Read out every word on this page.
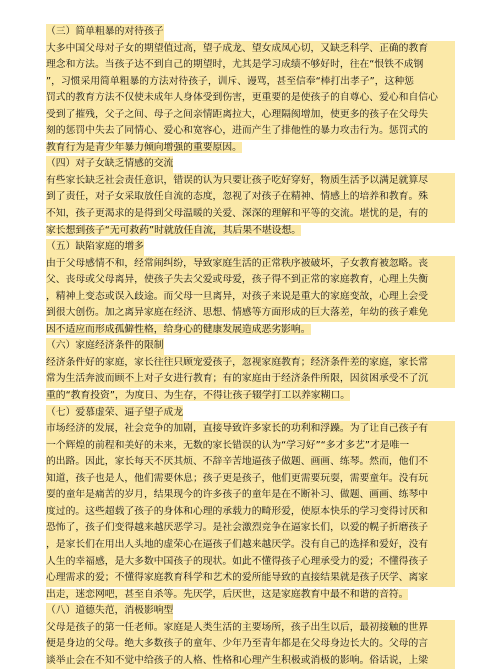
（三）简单粗暴的对待孩子
大多中国父母对子女的期望值过高，望子成龙、望女成凤心切，又缺乏科学、正确的教育
理念和方法。当孩子达不到自己的期望时，尤其是学习成绩不够好时，往在“恨铁不成钢
”，习惯采用简单粗暴的方法对待孩子，训斥、谩骂，甚至信奉“棒打出孝子”，这种惩
罚式的教育方法不仅使未成年人身体受到伤害，更重要的是使孩子的自尊心、爱心和自信心
受到了摧残，父子之间、母子之间亲情距离拉大，心理隔阂增加，使更多的孩子在父母失
刻的惩罚中失去了同情心、爱心和宽容心，进而产生了排他性的暴力攻击行为。惩罚式的
教育行为是青少年暴力倾向增强的重要原因。
（四）对子女缺乏情感的交流
有些家长缺乏社会责任意识，错误的认为只要让孩子吃好穿好，物质生活予以满足就算尽
到了责任，对子女采取放任自流的态度，忽视了对孩子在精神、情感上的培养和教育。殊
不知，孩子更渴求的是得到父母温暖的关爱、深深的理解和平等的交流。堪忧的是，有的
家长想到孩子“无可救药”时就放任自流，其后果不堪设想。
（五）缺陷家庭的增多
由于父母感情不和，经常闹纠纷，导致家庭生活的正常秩序被破坏，子女教育被忽略。丧
父、丧母或父母离异，使孩子失去父爱或母爱，孩子得不到正常的家庭教育，心理上失衡
，精神上变态或误入歧途。而父母一旦离异，对孩子来说是重大的家庭变故，心理上会受
到很大创伤。加之离异家庭在经济、思想、情感等方面形成的巨大落差，年幼的孩子难免
因不适应而形成孤僻性格，给身心的健康发展造成恶劣影响。
（六）家庭经济条件的限制
经济条件好的家庭，家长往往只顾宠爱孩子，忽视家庭教育；经济条件差的家庭，家长常
常为生活奔波而顾不上对子女进行教育；有的家庭由于经济条件所限，因贫困承受不了沉
重的“教育投资”，为度日、为生存，不得让孩子辍学打工以养家糊口。
（七）爱慕虚荣、逼子望子成龙
市场经济的发展，社会竞争的加剧，直接导致许多家长的功利和浮躁。为了让自己孩子有
一个辉煌的前程和美好的未来，无数的家长错误的认为“学习好”“多才多艺”才是唯一
的出路。因此，家长每天不厌其烦、不辞辛苦地逼孩子做题、画画、练琴。然而，他们不
知道，孩子也是人，他们需要休息；孩子更是孩子，他们更需要玩耍，需要童年。没有玩
耍的童年是痛苦的岁月，结果现今的许多孩子的童年是在不断补习、做题、画画、练琴中
度过的。这些超载了孩子的身体和心理的承载力的畸形爱，使原本快乐的学习变得讨厌和
恐怖了，孩子们变得越来越厌恶学习。是社会激烈竞争在逼家长们，以爱的幌子折磨孩子
，是家长们在用出人头地的虚荣心在逼孩子们越来越厌学。没有自己的选择和爱好，没有
人生的幸福感，是大多数中国孩子的现状。如此不懂得孩子心理承受力的爱；不懂得孩子
心理需求的爱；不懂得家庭教育科学和艺术的爱所能导致的直接结果就是孩子厌学、离家
出走，迷恋网吧，甚至自杀等。先厌学，后厌世，这是家庭教育中最不和谐的音符。
（八）道德失范，消极影响型
父母是孩子的第一任老师。家庭是人类生活的主要场所，孩子出生以后，最初接触的世界
便是身边的父母。绝大多数孩子的童年、少年乃至青年都是在父母身边长大的。父母的言
谈举止会在不知不觉中给孩子的人格、性格和心理产生积极或消极的影响。俗话说，上梁
